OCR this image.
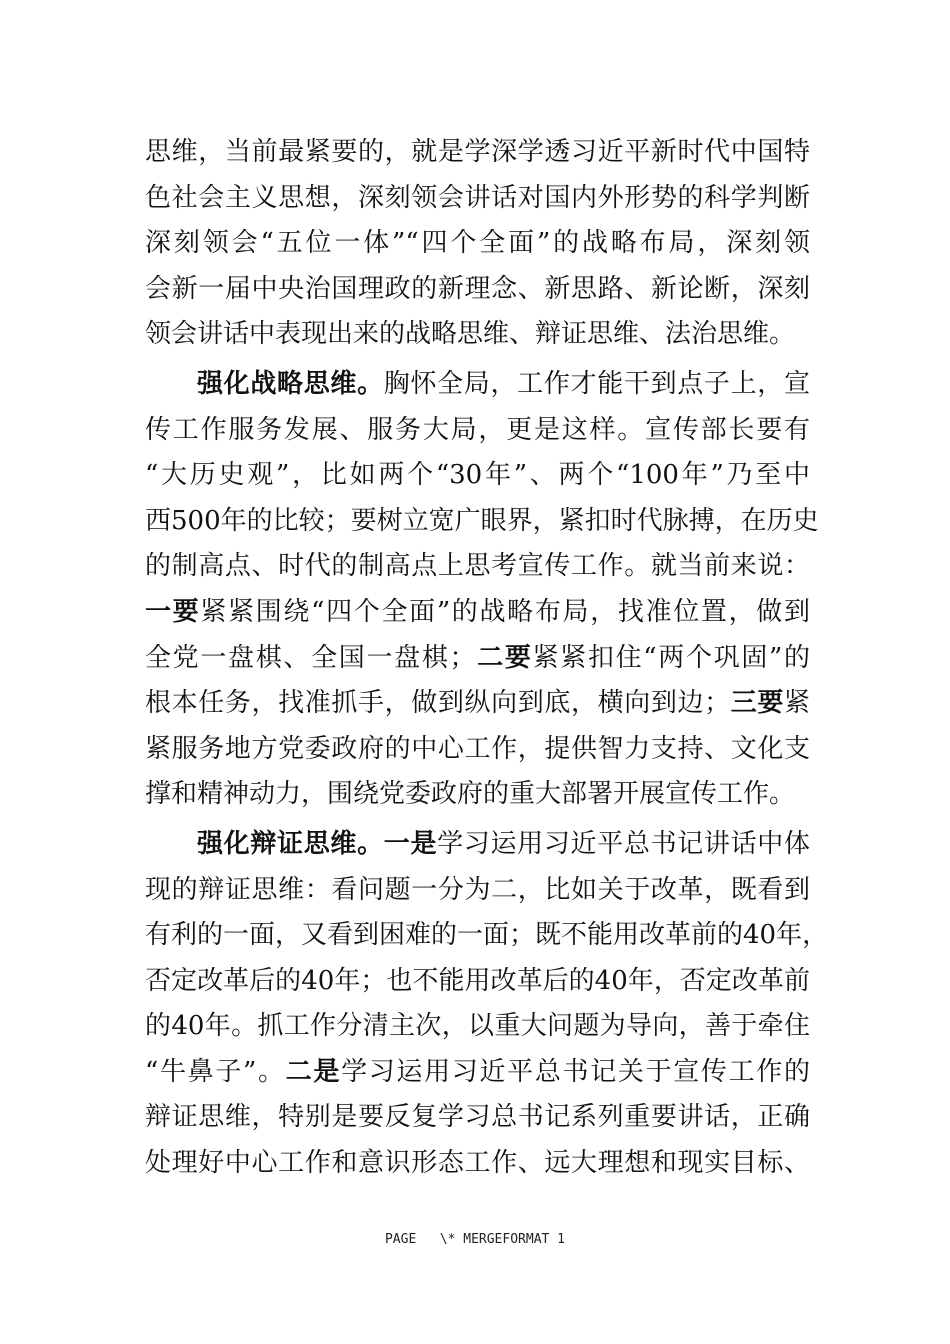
思维，当前最紧要的，就是学深学透习近平新时代中国特
色社会主义思想，深刻领会讲话对国内外形势的科学判断
深刻领会“五位一体”“四个全面”的战略布局，深刻领
会新一届中央治国理政的新理念、新思路、新论断，深刻
领会讲话中表现出来的战略思维、辩证思维、法治思维。
强化战略思维。胸怀全局，工作才能干到点子上，宣
传工作服务发展、服务大局，更是这样。宣传部长要有
“大历史观”，比如两个“30年”、两个“100年”乃至中
西500年的比较；要树立宽广眼界，紧扣时代脉搏，在历史
的制高点、时代的制高点上思考宣传工作。就当前来说：
一要紧紧围绕“四个全面”的战略布局，找准位置，做到
全党一盘棋、全国一盘棋；二要紧紧扣住“两个巩固”的
根本任务，找准抓手，做到纵向到底，横向到边；三要紧
紧服务地方党委政府的中心工作，提供智力支持、文化支
撑和精神动力，围绕党委政府的重大部署开展宣传工作。
强化辩证思维。一是学习运用习近平总书记讲话中体
现的辩证思维：看问题一分为二，比如关于改革，既看到
有利的一面，又看到困难的一面；既不能用改革前的40年，
否定改革后的40年；也不能用改革后的40年，否定改革前
的40年。抓工作分清主次，以重大问题为导向，善于牵住
“牛鼻子”。二是学习运用习近平总书记关于宣传工作的
辩证思维，特别是要反复学习总书记系列重要讲话，正确
处理好中心工作和意识形态工作、远大理想和现实目标、
PAGE   \* MERGEFORMAT 1
